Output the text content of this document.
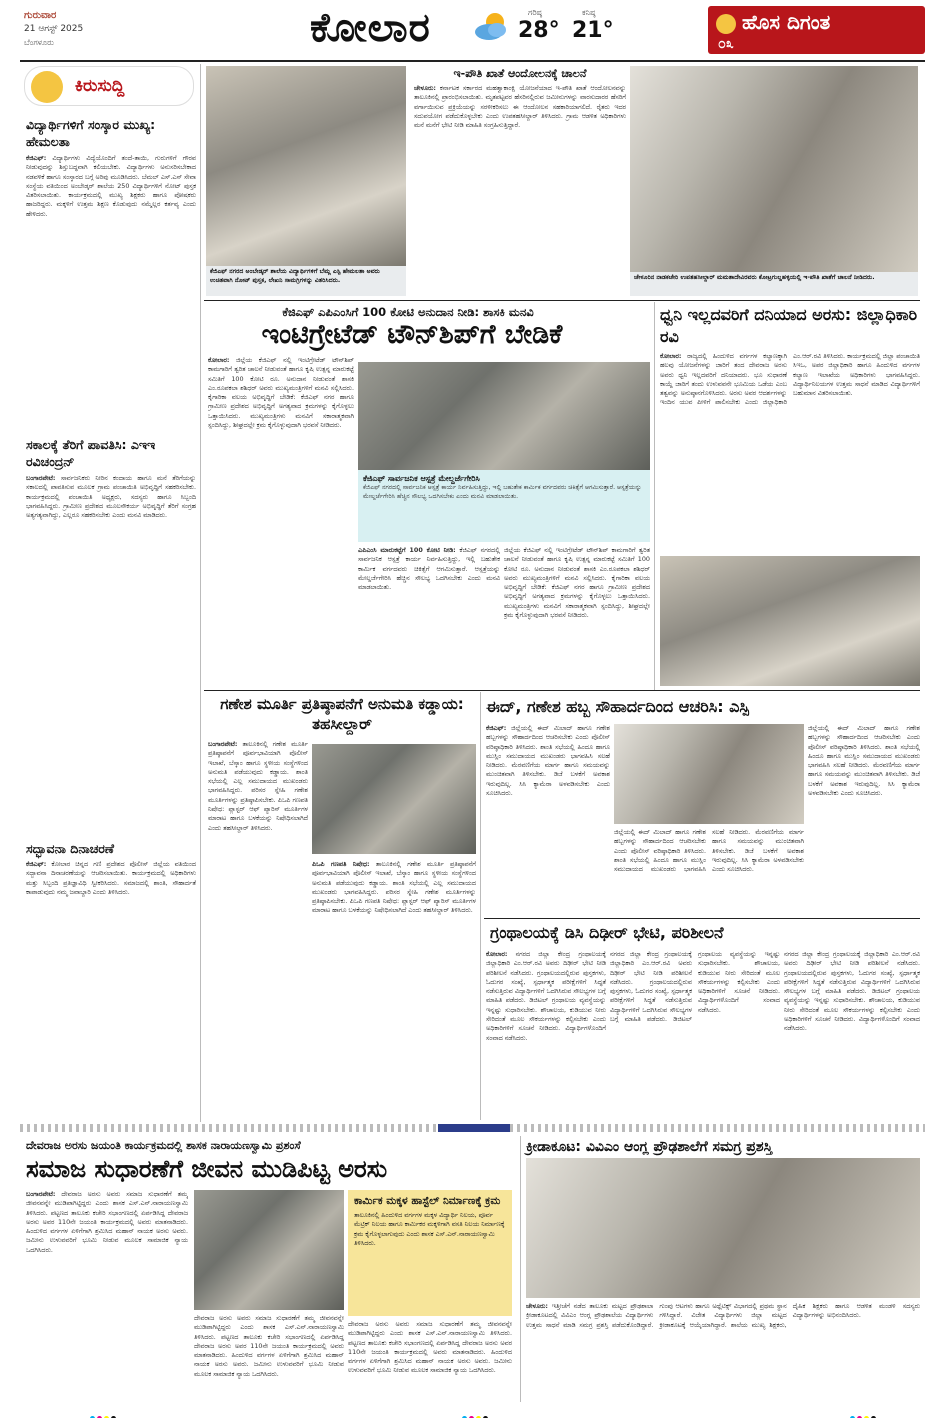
ಗುರುವಾರ
21 ಆಗಸ್ಟ್ 2025
ಬೆಂಗಳೂರು	ಕೋಲಾರ	ಗರಿಷ್ಠ
28°
ಕನಿಷ್ಠ
21°	ಹೊಸ ದಿಗಂತ
೦೩
ಕಿರುಸುದ್ದಿ
ವಿದ್ಯಾರ್ಥಿಗಳಿಗೆ ಸಂಸ್ಕಾರ ಮುಖ್ಯ: ಹೇಮಲತಾ
ಕೆಜಿಎಫ್: ವಿದ್ಯಾರ್ಥಿಗಳು ವಿದ್ಯೆಯೊಂದಿಗೆ ತಂದೆ-ತಾಯಿ, ಗುರುಗಳಿಗೆ ಗೌರವ ನೀಡುವುದನ್ನು ಶಿಸ್ತುಬದ್ಧವಾಗಿ ಕಲಿಯಬೇಕು. ವಿದ್ಯಾರ್ಥಿಗಳು ಅನುಸರಿಸಬೇಕಾದ ನಡವಳಿಕೆ ಹಾಗೂ ಸಂಸ್ಕಾರದ ಬಗ್ಗೆ ಅರಿವು ಮೂಡಿಸಿದರು. ಬೆಮಲ್ ಎಸ್.ಎಸ್ ಸೇವಾ ಸಂಸ್ಥೆಯ ವತಿಯಿಂದ ಅಂಬೇಡ್ಕರ್ ಶಾಲೆಯ 250 ವಿದ್ಯಾರ್ಥಿಗಳಿಗೆ ನೋಟ್ ಪುಸ್ತಕ ವಿತರಿಸಲಾಯಿತು. ಕಾರ್ಯಕ್ರಮದಲ್ಲಿ ಮುಖ್ಯ ಶಿಕ್ಷಕರು ಹಾಗೂ ಪೋಷಕರು ಹಾಜರಿದ್ದರು. ಮಕ್ಕಳಿಗೆ ಉತ್ತಮ ಶಿಕ್ಷಣ ಕೊಡುವುದು ನಮ್ಮೆಲ್ಲರ ಕರ್ತವ್ಯ ಎಂದು ಹೇಳಿದರು.
ಸಕಾಲಕ್ಕೆ ತೆರಿಗೆ ಪಾವತಿಸಿ: ಎಇಇ ರವಿಚಂದ್ರನ್
ಬಂಗಾರಪೇಟೆ: ಸಾರ್ವಜನಿಕರು ನೀರಿನ ಕಂದಾಯ ಹಾಗೂ ಮನೆ ತೆರಿಗೆಯನ್ನು ಸಕಾಲದಲ್ಲಿ ಪಾವತಿಸುವ ಮೂಲಕ ಗ್ರಾಮ ಪಂಚಾಯಿತಿ ಅಭಿವೃದ್ಧಿಗೆ ಸಹಕರಿಸಬೇಕು. ಕಾರ್ಯಕ್ರಮದಲ್ಲಿ ಪಂಚಾಯಿತಿ ಅಧ್ಯಕ್ಷರು, ಸದಸ್ಯರು ಹಾಗೂ ಸಿಬ್ಬಂದಿ ಭಾಗವಹಿಸಿದ್ದರು. ಗ್ರಾಮೀಣ ಪ್ರದೇಶದ ಮೂಲಸೌಕರ್ಯ ಅಭಿವೃದ್ಧಿಗೆ ತೆರಿಗೆ ಸಂಗ್ರಹ ಅತ್ಯಗತ್ಯವಾಗಿದ್ದು, ಎಲ್ಲರೂ ಸಹಕರಿಸಬೇಕು ಎಂದು ಮನವಿ ಮಾಡಿದರು.
ಸದ್ಭಾವನಾ ದಿನಾಚರಣೆ
ಕೆಜಿಎಫ್: ಕೋಲಾರ ಚಿನ್ನದ ಗಣಿ ಪ್ರದೇಶದ ಪೊಲೀಸ್ ಜಿಲ್ಲೆಯ ವತಿಯಿಂದ ಸದ್ಭಾವನಾ ದಿನಾಚರಣೆಯನ್ನು ಆಚರಿಸಲಾಯಿತು. ಕಾರ್ಯಕ್ರಮದಲ್ಲಿ ಅಧಿಕಾರಿಗಳು ಮತ್ತು ಸಿಬ್ಬಂದಿ ಪ್ರತಿಜ್ಞಾವಿಧಿ ಸ್ವೀಕರಿಸಿದರು. ಸಮಾಜದಲ್ಲಿ ಶಾಂತಿ, ಸೌಹಾರ್ದತೆ ಕಾಪಾಡುವುದು ನಮ್ಮ ಜವಾಬ್ದಾರಿ ಎಂದು ತಿಳಿಸಿದರು.
ಕೆಜಿಎಫ್ ನಗರದ ಅಂಬೇಡ್ಕರ್ ಶಾಲೆಯ ವಿದ್ಯಾರ್ಥಿಗಳಿಗೆ ಬೆಮ್ಲ ಎಸ್ಪಿ ಹೇಮಲತಾ ಅವರು ಉಚಿತವಾಗಿ ನೋಟ್ ಪುಸ್ತಕ, ಲೇಖನಿ ಸಾಮಗ್ರಿಗಳನ್ನು ವಿತರಿಸಿದರು.
ಇ-ಪೌತಿ ಖಾತೆ ಆಂದೋಲನಕ್ಕೆ ಚಾಲನೆ
ಚೇಳೂರು: ಕರ್ನಾಟಕ ಸರ್ಕಾರದ ಮಹತ್ವಾಕಾಂಕ್ಷಿ ಯೋಜನೆಯಾದ ಇ-ಪೌತಿ ಖಾತೆ ಆಂದೋಲನವನ್ನು ತಾಲೂಕಿನಲ್ಲಿ ಪ್ರಾರಂಭಿಸಲಾಯಿತು. ಮೃತಪಟ್ಟವರ ಹೆಸರಿನಲ್ಲಿರುವ ಜಮೀನುಗಳನ್ನು ವಾರಸುದಾರರ ಹೆಸರಿಗೆ ವರ್ಗಾಯಿಸುವ ಪ್ರಕ್ರಿಯೆಯನ್ನು ಸರಳೀಕರಿಸಲು ಈ ಆಂದೋಲನ ಸಹಕಾರಿಯಾಗಲಿದೆ. ರೈತರು ಇದರ ಸದುಪಯೋಗ ಪಡೆದುಕೊಳ್ಳಬೇಕು ಎಂದು ಉಪತಹಸೀಲ್ದಾರ್ ತಿಳಿಸಿದರು. ಗ್ರಾಮ ಆಡಳಿತ ಅಧಿಕಾರಿಗಳು ಮನೆ ಮನೆಗೆ ಭೇಟಿ ನೀಡಿ ಮಾಹಿತಿ ಸಂಗ್ರಹಿಸುತ್ತಿದ್ದಾರೆ.
ಚೇಳೂರಿನ ನಾಡಕಚೇರಿ ಉಪತಹಸೀಲ್ದಾರ್ ಮಮತಾದೇವಿರವರು ಕೋಟ್ರಗುಲ್ದಹಳ್ಳಿಯಲ್ಲಿ ಇ-ಪೌತಿ ಖಾತೆಗೆ ಚಾಲನೆ ನೀಡಿದರು.
ಕೆಜಿಎಫ್ ಎಪಿಎಂಸಿಗೆ 100 ಕೋಟಿ ಅನುದಾನ ನೀಡಿ: ಶಾಸಕಿ ಮನವಿ
ಇಂಟಿಗ್ರೇಟೆಡ್ ಟೌನ್‌ಶಿಪ್‌ಗೆ ಬೇಡಿಕೆ
ಕೋಲಾರ: ಜಿಲ್ಲೆಯ ಕೆಜಿಎಫ್ ನಲ್ಲಿ ಇಂಟಿಗ್ರೇಟೆಡ್ ಟೌನ್‌ಶಿಪ್ ಕಾಮಗಾರಿಗೆ ತ್ವರಿತ ಚಾಲನೆ ನೀಡುವಂತೆ ಹಾಗೂ ಕೃಷಿ ಉತ್ಪನ್ನ ಮಾರುಕಟ್ಟೆ ಸಮಿತಿಗೆ 100 ಕೋಟಿ ರೂ. ಅನುದಾನ ನೀಡುವಂತೆ ಶಾಸಕಿ ಎಂ.ರೂಪಕಲಾ ಶಶಿಧರ್ ಅವರು ಮುಖ್ಯಮಂತ್ರಿಗಳಿಗೆ ಮನವಿ ಸಲ್ಲಿಸಿದರು. ಕೈಗಾರಿಕಾ ವಲಯ ಅಭಿವೃದ್ಧಿಗೆ ಬೇಡಿಕೆ: ಕೆಜಿಎಫ್ ನಗರ ಹಾಗೂ ಗ್ರಾಮೀಣ ಪ್ರದೇಶದ ಅಭಿವೃದ್ಧಿಗೆ ಅಗತ್ಯವಾದ ಕ್ರಮಗಳನ್ನು ಕೈಗೊಳ್ಳಲು ಒತ್ತಾಯಿಸಿದರು. ಮುಖ್ಯಮಂತ್ರಿಗಳು ಮನವಿಗೆ ಸಕಾರಾತ್ಮಕವಾಗಿ ಸ್ಪಂದಿಸಿದ್ದು, ಶೀಘ್ರದಲ್ಲೇ ಕ್ರಮ ಕೈಗೊಳ್ಳುವುದಾಗಿ ಭರವಸೆ ನೀಡಿದರು.
ಕೆಜಿಎಫ್ ಸಾರ್ವಜನಿಕ ಆಸ್ಪತ್ರೆ ಮೇಲ್ದರ್ಜೆಗೇರಿಸಿ
ಕೆಜಿಎಫ್ ನಗರದಲ್ಲಿ ಸಾರ್ವಜನಿಕ ಆಸ್ಪತ್ರೆ ಕಾರ್ಯ ನಿರ್ವಹಿಸುತ್ತಿದ್ದು, ಇಲ್ಲಿ ಬಹುತೇಕ ಕಾರ್ಮಿಕ ವರ್ಗದವರು ಚಿಕಿತ್ಸೆಗೆ ಆಗಮಿಸುತ್ತಾರೆ. ಆಸ್ಪತ್ರೆಯನ್ನು ಮೇಲ್ದರ್ಜೆಗೇರಿಸಿ ಹೆಚ್ಚಿನ ಸೌಲಭ್ಯ ಒದಗಿಸಬೇಕು ಎಂದು ಮನವಿ ಮಾಡಲಾಯಿತು.
ಎಪಿಎಂಸಿ ಮಾರುಕಟ್ಟೆಗೆ 100 ಕೋಟಿ ನೀಡಿ: ಕೆಜಿಎಫ್ ನಗರದಲ್ಲಿ ಸಾರ್ವಜನಿಕ ಆಸ್ಪತ್ರೆ ಕಾರ್ಯ ನಿರ್ವಹಿಸುತ್ತಿದ್ದು, ಇಲ್ಲಿ ಬಹುತೇಕ ಕಾರ್ಮಿಕ ವರ್ಗದವರು ಚಿಕಿತ್ಸೆಗೆ ಆಗಮಿಸುತ್ತಾರೆ. ಆಸ್ಪತ್ರೆಯನ್ನು ಮೇಲ್ದರ್ಜೆಗೇರಿಸಿ ಹೆಚ್ಚಿನ ಸೌಲಭ್ಯ ಒದಗಿಸಬೇಕು ಎಂದು ಮನವಿ ಮಾಡಲಾಯಿತು.
ಜಿಲ್ಲೆಯ ಕೆಜಿಎಫ್ ನಲ್ಲಿ ಇಂಟಿಗ್ರೇಟೆಡ್ ಟೌನ್‌ಶಿಪ್ ಕಾಮಗಾರಿಗೆ ತ್ವರಿತ ಚಾಲನೆ ನೀಡುವಂತೆ ಹಾಗೂ ಕೃಷಿ ಉತ್ಪನ್ನ ಮಾರುಕಟ್ಟೆ ಸಮಿತಿಗೆ 100 ಕೋಟಿ ರೂ. ಅನುದಾನ ನೀಡುವಂತೆ ಶಾಸಕಿ ಎಂ.ರೂಪಕಲಾ ಶಶಿಧರ್ ಅವರು ಮುಖ್ಯಮಂತ್ರಿಗಳಿಗೆ ಮನವಿ ಸಲ್ಲಿಸಿದರು. ಕೈಗಾರಿಕಾ ವಲಯ ಅಭಿವೃದ್ಧಿಗೆ ಬೇಡಿಕೆ: ಕೆಜಿಎಫ್ ನಗರ ಹಾಗೂ ಗ್ರಾಮೀಣ ಪ್ರದೇಶದ ಅಭಿವೃದ್ಧಿಗೆ ಅಗತ್ಯವಾದ ಕ್ರಮಗಳನ್ನು ಕೈಗೊಳ್ಳಲು ಒತ್ತಾಯಿಸಿದರು. ಮುಖ್ಯಮಂತ್ರಿಗಳು ಮನವಿಗೆ ಸಕಾರಾತ್ಮಕವಾಗಿ ಸ್ಪಂದಿಸಿದ್ದು, ಶೀಘ್ರದಲ್ಲೇ ಕ್ರಮ ಕೈಗೊಳ್ಳುವುದಾಗಿ ಭರವಸೆ ನೀಡಿದರು.
ಧ್ವನಿ ಇಲ್ಲದವರಿಗೆ ದನಿಯಾದ ಅರಸು: ಜಿಲ್ಲಾಧಿಕಾರಿ ರವಿ
ಕೋಲಾರ: ರಾಜ್ಯದಲ್ಲಿ ಹಿಂದುಳಿದ ವರ್ಗಗಳ ಕಲ್ಯಾಣಕ್ಕಾಗಿ ಹಲವು ಯೋಜನೆಗಳನ್ನು ಜಾರಿಗೆ ತಂದ ದೇವರಾಜ ಅರಸು ಅವರು ಧ್ವನಿ ಇಲ್ಲದವರಿಗೆ ದನಿಯಾದರು. ಭೂ ಸುಧಾರಣೆ ಕಾಯ್ದೆ ಜಾರಿಗೆ ತಂದು ಉಳುವವನೇ ಭೂಮಿಯ ಒಡೆಯ ಎಂಬ ತತ್ವವನ್ನು ಅನುಷ್ಠಾನಗೊಳಿಸಿದರು. ಅರಸು ಅವರ ಆದರ್ಶಗಳನ್ನು ಇಂದಿನ ಯುವ ಪೀಳಿಗೆ ಪಾಲಿಸಬೇಕು ಎಂದು ಜಿಲ್ಲಾಧಿಕಾರಿ ಎಂ.ಆರ್.ರವಿ ತಿಳಿಸಿದರು. ಕಾರ್ಯಕ್ರಮದಲ್ಲಿ ಜಿಲ್ಲಾ ಪಂಚಾಯಿತಿ ಸಿಇಒ, ಅಪರ ಜಿಲ್ಲಾಧಿಕಾರಿ ಹಾಗೂ ಹಿಂದುಳಿದ ವರ್ಗಗಳ ಕಲ್ಯಾಣ ಇಲಾಖೆಯ ಅಧಿಕಾರಿಗಳು ಭಾಗವಹಿಸಿದ್ದರು. ವಿದ್ಯಾರ್ಥಿನಿಲಯಗಳ ಉತ್ತಮ ಸಾಧನೆ ಮಾಡಿದ ವಿದ್ಯಾರ್ಥಿಗಳಿಗೆ ಬಹುಮಾನ ವಿತರಿಸಲಾಯಿತು.
ಗಣೇಶ ಮೂರ್ತಿ ಪ್ರತಿಷ್ಠಾಪನೆಗೆ ಅನುಮತಿ ಕಡ್ಡಾಯ: ತಹಸೀಲ್ದಾರ್
ಬಂಗಾರಪೇಟೆ: ತಾಲೂಕಿನಲ್ಲಿ ಗಣೇಶ ಮೂರ್ತಿ ಪ್ರತಿಷ್ಠಾಪನೆಗೆ ಪೂರ್ವಭಾವಿಯಾಗಿ ಪೊಲೀಸ್ ಇಲಾಖೆ, ಬೆಸ್ಕಾಂ ಹಾಗೂ ಸ್ಥಳೀಯ ಸಂಸ್ಥೆಗಳಿಂದ ಅನುಮತಿ ಪಡೆಯುವುದು ಕಡ್ಡಾಯ. ಶಾಂತಿ ಸಭೆಯಲ್ಲಿ ಎಲ್ಲ ಸಮುದಾಯದ ಮುಖಂಡರು ಭಾಗವಹಿಸಿದ್ದರು. ಪರಿಸರ ಸ್ನೇಹಿ ಗಣೇಶ ಮೂರ್ತಿಗಳನ್ನು ಪ್ರತಿಷ್ಠಾಪಿಸಬೇಕು. ಪಿಒಪಿ ಗಣಪತಿ ನಿಷೇಧ: ಪ್ಲಾಸ್ಟರ್ ಆಫ್ ಪ್ಯಾರಿಸ್ ಮೂರ್ತಿಗಳ ಮಾರಾಟ ಹಾಗೂ ಬಳಕೆಯನ್ನು ನಿಷೇಧಿಸಲಾಗಿದೆ ಎಂದು ತಹಸೀಲ್ದಾರ್ ತಿಳಿಸಿದರು.
ಪಿಒಪಿ ಗಣಪತಿ ನಿಷೇಧ: ತಾಲೂಕಿನಲ್ಲಿ ಗಣೇಶ ಮೂರ್ತಿ ಪ್ರತಿಷ್ಠಾಪನೆಗೆ ಪೂರ್ವಭಾವಿಯಾಗಿ ಪೊಲೀಸ್ ಇಲಾಖೆ, ಬೆಸ್ಕಾಂ ಹಾಗೂ ಸ್ಥಳೀಯ ಸಂಸ್ಥೆಗಳಿಂದ ಅನುಮತಿ ಪಡೆಯುವುದು ಕಡ್ಡಾಯ. ಶಾಂತಿ ಸಭೆಯಲ್ಲಿ ಎಲ್ಲ ಸಮುದಾಯದ ಮುಖಂಡರು ಭಾಗವಹಿಸಿದ್ದರು. ಪರಿಸರ ಸ್ನೇಹಿ ಗಣೇಶ ಮೂರ್ತಿಗಳನ್ನು ಪ್ರತಿಷ್ಠಾಪಿಸಬೇಕು. ಪಿಒಪಿ ಗಣಪತಿ ನಿಷೇಧ: ಪ್ಲಾಸ್ಟರ್ ಆಫ್ ಪ್ಯಾರಿಸ್ ಮೂರ್ತಿಗಳ ಮಾರಾಟ ಹಾಗೂ ಬಳಕೆಯನ್ನು ನಿಷೇಧಿಸಲಾಗಿದೆ ಎಂದು ತಹಸೀಲ್ದಾರ್ ತಿಳಿಸಿದರು.
ಈದ್, ಗಣೇಶ ಹಬ್ಬ ಸೌಹಾರ್ದದಿಂದ ಆಚರಿಸಿ: ಎಸ್ಪಿ
ಕೆಜಿಎಫ್: ಜಿಲ್ಲೆಯಲ್ಲಿ ಈದ್ ಮಿಲಾದ್ ಹಾಗೂ ಗಣೇಶ ಹಬ್ಬಗಳನ್ನು ಸೌಹಾರ್ದದಿಂದ ಆಚರಿಸಬೇಕು ಎಂದು ಪೊಲೀಸ್ ವರಿಷ್ಠಾಧಿಕಾರಿ ತಿಳಿಸಿದರು. ಶಾಂತಿ ಸಭೆಯಲ್ಲಿ ಹಿಂದೂ ಹಾಗೂ ಮುಸ್ಲಿಂ ಸಮುದಾಯದ ಮುಖಂಡರು ಭಾಗವಹಿಸಿ ಸಲಹೆ ನೀಡಿದರು. ಮೆರವಣಿಗೆಯ ಮಾರ್ಗ ಹಾಗೂ ಸಮಯವನ್ನು ಮುಂಚಿತವಾಗಿ ತಿಳಿಸಬೇಕು. ಡಿಜೆ ಬಳಕೆಗೆ ಅವಕಾಶ ಇರುವುದಿಲ್ಲ. ಸಿಸಿ ಕ್ಯಾಮೆರಾ ಅಳವಡಿಸಬೇಕು ಎಂದು ಸೂಚಿಸಿದರು.
ಜಿಲ್ಲೆಯಲ್ಲಿ ಈದ್ ಮಿಲಾದ್ ಹಾಗೂ ಗಣೇಶ ಹಬ್ಬಗಳನ್ನು ಸೌಹಾರ್ದದಿಂದ ಆಚರಿಸಬೇಕು ಎಂದು ಪೊಲೀಸ್ ವರಿಷ್ಠಾಧಿಕಾರಿ ತಿಳಿಸಿದರು. ಶಾಂತಿ ಸಭೆಯಲ್ಲಿ ಹಿಂದೂ ಹಾಗೂ ಮುಸ್ಲಿಂ ಸಮುದಾಯದ ಮುಖಂಡರು ಭಾಗವಹಿಸಿ ಸಲಹೆ ನೀಡಿದರು. ಮೆರವಣಿಗೆಯ ಮಾರ್ಗ ಹಾಗೂ ಸಮಯವನ್ನು ಮುಂಚಿತವಾಗಿ ತಿಳಿಸಬೇಕು. ಡಿಜೆ ಬಳಕೆಗೆ ಅವಕಾಶ ಇರುವುದಿಲ್ಲ. ಸಿಸಿ ಕ್ಯಾಮೆರಾ ಅಳವಡಿಸಬೇಕು ಎಂದು ಸೂಚಿಸಿದರು.
ಜಿಲ್ಲೆಯಲ್ಲಿ ಈದ್ ಮಿಲಾದ್ ಹಾಗೂ ಗಣೇಶ ಹಬ್ಬಗಳನ್ನು ಸೌಹಾರ್ದದಿಂದ ಆಚರಿಸಬೇಕು ಎಂದು ಪೊಲೀಸ್ ವರಿಷ್ಠಾಧಿಕಾರಿ ತಿಳಿಸಿದರು. ಶಾಂತಿ ಸಭೆಯಲ್ಲಿ ಹಿಂದೂ ಹಾಗೂ ಮುಸ್ಲಿಂ ಸಮುದಾಯದ ಮುಖಂಡರು ಭಾಗವಹಿಸಿ ಸಲಹೆ ನೀಡಿದರು. ಮೆರವಣಿಗೆಯ ಮಾರ್ಗ ಹಾಗೂ ಸಮಯವನ್ನು ಮುಂಚಿತವಾಗಿ ತಿಳಿಸಬೇಕು. ಡಿಜೆ ಬಳಕೆಗೆ ಅವಕಾಶ ಇರುವುದಿಲ್ಲ. ಸಿಸಿ ಕ್ಯಾಮೆರಾ ಅಳವಡಿಸಬೇಕು ಎಂದು ಸೂಚಿಸಿದರು.
ಗ್ರಂಥಾಲಯಕ್ಕೆ ಡಿಸಿ ದಿಢೀರ್ ಭೇಟಿ, ಪರಿಶೀಲನೆ
ಕೋಲಾರ: ನಗರದ ಜಿಲ್ಲಾ ಕೇಂದ್ರ ಗ್ರಂಥಾಲಯಕ್ಕೆ ಜಿಲ್ಲಾಧಿಕಾರಿ ಎಂ.ಆರ್.ರವಿ ಅವರು ದಿಢೀರ್ ಭೇಟಿ ನೀಡಿ ಪರಿಶೀಲನೆ ನಡೆಸಿದರು. ಗ್ರಂಥಾಲಯದಲ್ಲಿರುವ ಪುಸ್ತಕಗಳು, ಓದುಗರ ಸಂಖ್ಯೆ, ಸ್ಪರ್ಧಾತ್ಮಕ ಪರೀಕ್ಷೆಗಳಿಗೆ ಸಿದ್ಧತೆ ನಡೆಸುತ್ತಿರುವ ವಿದ್ಯಾರ್ಥಿಗಳಿಗೆ ಒದಗಿಸಿರುವ ಸೌಲಭ್ಯಗಳ ಬಗ್ಗೆ ಮಾಹಿತಿ ಪಡೆದರು. ಡಿಜಿಟಲ್ ಗ್ರಂಥಾಲಯ ವ್ಯವಸ್ಥೆಯನ್ನು ಇನ್ನಷ್ಟು ಸುಧಾರಿಸಬೇಕು. ಶೌಚಾಲಯ, ಕುಡಿಯುವ ನೀರು ಸೇರಿದಂತೆ ಮೂಲ ಸೌಕರ್ಯಗಳನ್ನು ಕಲ್ಪಿಸಬೇಕು ಎಂದು ಅಧಿಕಾರಿಗಳಿಗೆ ಸೂಚನೆ ನೀಡಿದರು. ವಿದ್ಯಾರ್ಥಿಗಳೊಂದಿಗೆ ಸಂವಾದ ನಡೆಸಿದರು.
ನಗರದ ಜಿಲ್ಲಾ ಕೇಂದ್ರ ಗ್ರಂಥಾಲಯಕ್ಕೆ ಜಿಲ್ಲಾಧಿಕಾರಿ ಎಂ.ಆರ್.ರವಿ ಅವರು ದಿಢೀರ್ ಭೇಟಿ ನೀಡಿ ಪರಿಶೀಲನೆ ನಡೆಸಿದರು. ಗ್ರಂಥಾಲಯದಲ್ಲಿರುವ ಪುಸ್ತಕಗಳು, ಓದುಗರ ಸಂಖ್ಯೆ, ಸ್ಪರ್ಧಾತ್ಮಕ ಪರೀಕ್ಷೆಗಳಿಗೆ ಸಿದ್ಧತೆ ನಡೆಸುತ್ತಿರುವ ವಿದ್ಯಾರ್ಥಿಗಳಿಗೆ ಒದಗಿಸಿರುವ ಸೌಲಭ್ಯಗಳ ಬಗ್ಗೆ ಮಾಹಿತಿ ಪಡೆದರು. ಡಿಜಿಟಲ್ ಗ್ರಂಥಾಲಯ ವ್ಯವಸ್ಥೆಯನ್ನು ಇನ್ನಷ್ಟು ಸುಧಾರಿಸಬೇಕು. ಶೌಚಾಲಯ, ಕುಡಿಯುವ ನೀರು ಸೇರಿದಂತೆ ಮೂಲ ಸೌಕರ್ಯಗಳನ್ನು ಕಲ್ಪಿಸಬೇಕು ಎಂದು ಅಧಿಕಾರಿಗಳಿಗೆ ಸೂಚನೆ ನೀಡಿದರು. ವಿದ್ಯಾರ್ಥಿಗಳೊಂದಿಗೆ ಸಂವಾದ ನಡೆಸಿದರು.
ನಗರದ ಜಿಲ್ಲಾ ಕೇಂದ್ರ ಗ್ರಂಥಾಲಯಕ್ಕೆ ಜಿಲ್ಲಾಧಿಕಾರಿ ಎಂ.ಆರ್.ರವಿ ಅವರು ದಿಢೀರ್ ಭೇಟಿ ನೀಡಿ ಪರಿಶೀಲನೆ ನಡೆಸಿದರು. ಗ್ರಂಥಾಲಯದಲ್ಲಿರುವ ಪುಸ್ತಕಗಳು, ಓದುಗರ ಸಂಖ್ಯೆ, ಸ್ಪರ್ಧಾತ್ಮಕ ಪರೀಕ್ಷೆಗಳಿಗೆ ಸಿದ್ಧತೆ ನಡೆಸುತ್ತಿರುವ ವಿದ್ಯಾರ್ಥಿಗಳಿಗೆ ಒದಗಿಸಿರುವ ಸೌಲಭ್ಯಗಳ ಬಗ್ಗೆ ಮಾಹಿತಿ ಪಡೆದರು. ಡಿಜಿಟಲ್ ಗ್ರಂಥಾಲಯ ವ್ಯವಸ್ಥೆಯನ್ನು ಇನ್ನಷ್ಟು ಸುಧಾರಿಸಬೇಕು. ಶೌಚಾಲಯ, ಕುಡಿಯುವ ನೀರು ಸೇರಿದಂತೆ ಮೂಲ ಸೌಕರ್ಯಗಳನ್ನು ಕಲ್ಪಿಸಬೇಕು ಎಂದು ಅಧಿಕಾರಿಗಳಿಗೆ ಸೂಚನೆ ನೀಡಿದರು. ವಿದ್ಯಾರ್ಥಿಗಳೊಂದಿಗೆ ಸಂವಾದ ನಡೆಸಿದರು.
ದೇವರಾಜ ಅರಸು ಜಯಂತಿ ಕಾರ್ಯಕ್ರಮದಲ್ಲಿ ಶಾಸಕ ನಾರಾಯಣಸ್ವಾಮಿ ಪ್ರಶಂಸೆ
ಸಮಾಜ ಸುಧಾರಣೆಗೆ ಜೀವನ ಮುಡಿಪಿಟ್ಟ ಅರಸು
ಬಂಗಾರಪೇಟೆ: ದೇವರಾಜ ಅರಸು ಅವರು ಸಮಾಜ ಸುಧಾರಣೆಗೆ ತಮ್ಮ ಜೀವನವನ್ನೇ ಮುಡಿಪಾಗಿಟ್ಟಿದ್ದರು ಎಂದು ಶಾಸಕ ಎಸ್.ಎನ್.ನಾರಾಯಣಸ್ವಾಮಿ ತಿಳಿಸಿದರು. ಪಟ್ಟಣದ ತಾಲೂಕು ಕಚೇರಿ ಸಭಾಂಗಣದಲ್ಲಿ ಏರ್ಪಡಿಸಿದ್ದ ದೇವರಾಜ ಅರಸು ಅವರ 110ನೇ ಜಯಂತಿ ಕಾರ್ಯಕ್ರಮದಲ್ಲಿ ಅವರು ಮಾತನಾಡಿದರು. ಹಿಂದುಳಿದ ವರ್ಗಗಳ ಏಳಿಗೆಗಾಗಿ ಶ್ರಮಿಸಿದ ಮಹಾನ್ ನಾಯಕ ಅರಸು ಅವರು. ಜಮೀನು ಉಳುವವರಿಗೆ ಭೂಮಿ ನೀಡುವ ಮೂಲಕ ಸಾಮಾಜಿಕ ನ್ಯಾಯ ಒದಗಿಸಿದರು.
ದೇವರಾಜ ಅರಸು ಅವರು ಸಮಾಜ ಸುಧಾರಣೆಗೆ ತಮ್ಮ ಜೀವನವನ್ನೇ ಮುಡಿಪಾಗಿಟ್ಟಿದ್ದರು ಎಂದು ಶಾಸಕ ಎಸ್.ಎನ್.ನಾರಾಯಣಸ್ವಾಮಿ ತಿಳಿಸಿದರು. ಪಟ್ಟಣದ ತಾಲೂಕು ಕಚೇರಿ ಸಭಾಂಗಣದಲ್ಲಿ ಏರ್ಪಡಿಸಿದ್ದ ದೇವರಾಜ ಅರಸು ಅವರ 110ನೇ ಜಯಂತಿ ಕಾರ್ಯಕ್ರಮದಲ್ಲಿ ಅವರು ಮಾತನಾಡಿದರು. ಹಿಂದುಳಿದ ವರ್ಗಗಳ ಏಳಿಗೆಗಾಗಿ ಶ್ರಮಿಸಿದ ಮಹಾನ್ ನಾಯಕ ಅರಸು ಅವರು. ಜಮೀನು ಉಳುವವರಿಗೆ ಭೂಮಿ ನೀಡುವ ಮೂಲಕ ಸಾಮಾಜಿಕ ನ್ಯಾಯ ಒದಗಿಸಿದರು.
ಕಾರ್ಮಿಕ ಮಕ್ಕಳ ಹಾಸ್ಟೆಲ್ ನಿರ್ಮಾಣಕ್ಕೆ ಕ್ರಮ
ತಾಲೂಕಿನಲ್ಲಿ ಹಿಂದುಳಿದ ವರ್ಗಗಳ ಮಕ್ಕಳ ವಿದ್ಯಾರ್ಥಿ ನಿಲಯ, ಪೂರ್ವ ಮೆಟ್ರಿಕ್ ನಿಲಯ ಹಾಗೂ ಕಾರ್ಮಿಕರ ಮಕ್ಕಳಿಗಾಗಿ ವಸತಿ ನಿಲಯ ನಿರ್ಮಾಣಕ್ಕೆ ಕ್ರಮ ಕೈಗೊಳ್ಳಲಾಗುವುದು ಎಂದು ಶಾಸಕ ಎಸ್.ಎನ್.ನಾರಾಯಣಸ್ವಾಮಿ ತಿಳಿಸಿದರು.
ದೇವರಾಜ ಅರಸು ಅವರು ಸಮಾಜ ಸುಧಾರಣೆಗೆ ತಮ್ಮ ಜೀವನವನ್ನೇ ಮುಡಿಪಾಗಿಟ್ಟಿದ್ದರು ಎಂದು ಶಾಸಕ ಎಸ್.ಎನ್.ನಾರಾಯಣಸ್ವಾಮಿ ತಿಳಿಸಿದರು. ಪಟ್ಟಣದ ತಾಲೂಕು ಕಚೇರಿ ಸಭಾಂಗಣದಲ್ಲಿ ಏರ್ಪಡಿಸಿದ್ದ ದೇವರಾಜ ಅರಸು ಅವರ 110ನೇ ಜಯಂತಿ ಕಾರ್ಯಕ್ರಮದಲ್ಲಿ ಅವರು ಮಾತನಾಡಿದರು. ಹಿಂದುಳಿದ ವರ್ಗಗಳ ಏಳಿಗೆಗಾಗಿ ಶ್ರಮಿಸಿದ ಮಹಾನ್ ನಾಯಕ ಅರಸು ಅವರು. ಜಮೀನು ಉಳುವವರಿಗೆ ಭೂಮಿ ನೀಡುವ ಮೂಲಕ ಸಾಮಾಜಿಕ ನ್ಯಾಯ ಒದಗಿಸಿದರು.
ಕ್ರೀಡಾಕೂಟ: ವಿವಿಎಂ ಆಂಗ್ಲ ಪ್ರೌಢಶಾಲೆಗೆ ಸಮಗ್ರ ಪ್ರಶಸ್ತಿ
ಚೇಳೂರು: ಇತ್ತೀಚೆಗೆ ನಡೆದ ತಾಲೂಕು ಮಟ್ಟದ ಪ್ರೌಢಶಾಲಾ ಕ್ರೀಡಾಕೂಟದಲ್ಲಿ ವಿವಿಎಂ ಆಂಗ್ಲ ಪ್ರೌಢಶಾಲೆಯ ವಿದ್ಯಾರ್ಥಿಗಳು ಉತ್ತಮ ಸಾಧನೆ ಮಾಡಿ ಸಮಗ್ರ ಪ್ರಶಸ್ತಿ ಪಡೆದುಕೊಂಡಿದ್ದಾರೆ. ಗುಂಪು ಆಟಗಳು ಹಾಗೂ ಅಥ್ಲೆಟಿಕ್ಸ್ ವಿಭಾಗದಲ್ಲಿ ಪ್ರಥಮ ಸ್ಥಾನ ಗಳಿಸಿದ್ದಾರೆ. ವಿಜೇತ ವಿದ್ಯಾರ್ಥಿಗಳು ಜಿಲ್ಲಾ ಮಟ್ಟದ ಕ್ರೀಡಾಕೂಟಕ್ಕೆ ಆಯ್ಕೆಯಾಗಿದ್ದಾರೆ. ಶಾಲೆಯ ಮುಖ್ಯ ಶಿಕ್ಷಕರು, ದೈಹಿಕ ಶಿಕ್ಷಕರು ಹಾಗೂ ಆಡಳಿತ ಮಂಡಳಿ ಸದಸ್ಯರು ವಿದ್ಯಾರ್ಥಿಗಳನ್ನು ಅಭಿನಂದಿಸಿದರು.
